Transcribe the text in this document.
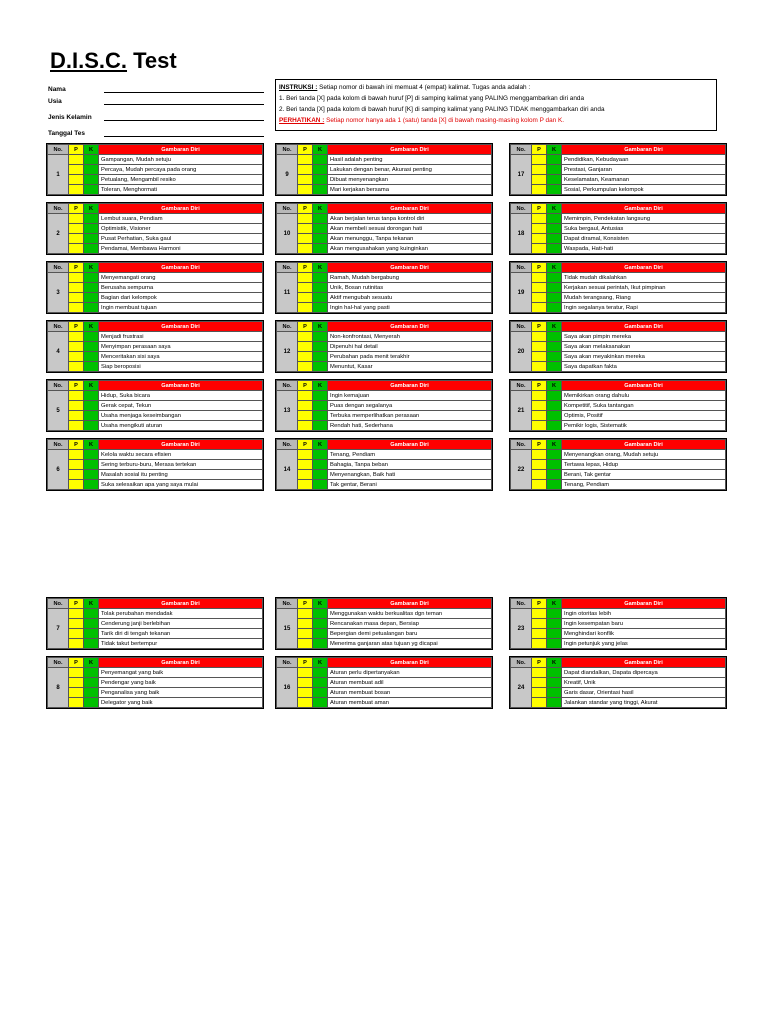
D.I.S.C. Test
Nama
Usia
Jenis Kelamin
Tanggal Tes
INSTRUKSI : Setiap nomor di bawah ini memuat 4 (empat) kalimat. Tugas anda adalah :
1. Beri tanda [X] pada kolom di bawah huruf [P] di samping kalimat yang PALING menggambarkan diri anda
2. Beri tanda [X] pada kolom di bawah huruf [K] di samping kalimat yang PALING TIDAK menggambarkan diri anda
PERHATIKAN : Setiap nomor hanya ada 1 (satu) tanda [X] di bawah masing-masing kolom P dan K.
No.	P	K	Gambaran Diri
1			Gampangan, Mudah setuju
			Percaya, Mudah percaya pada orang
			Petualang, Mengambil resiko
			Toleran, Menghormati
No.	P	K	Gambaran Diri
2			Lembut suara, Pendiam
			Optimistik, Visioner
			Pusat Perhatian, Suka gaul
			Pendamai, Membawa Harmoni
No.	P	K	Gambaran Diri
3			Menyemangati orang
			Berusaha sempurna
			Bagian dari kelompok
			Ingin membuat tujuan
No.	P	K	Gambaran Diri
4			Menjadi frustrasi
			Menyimpan perasaan saya
			Menceritakan sisi saya
			Siap beroposisi
No.	P	K	Gambaran Diri
5			Hidup, Suka bicara
			Gerak cepat, Tekun
			Usaha menjaga keseimbangan
			Usaha mengikuti aturan
No.	P	K	Gambaran Diri
6			Kelola waktu secara efisien
			Sering terburu-buru, Merasa tertekan
			Masalah sosial itu penting
			Suka selesaikan apa yang saya mulai
No.	P	K	Gambaran Diri
9			Hasil adalah penting
			Lakukan dengan benar, Akurasi penting
			Dibuat menyenangkan
			Mari kerjakan bersama
No.	P	K	Gambaran Diri
10			Akan berjalan terus tanpa kontrol diri
			Akan membeli sesuai dorongan hati
			Akan menunggu, Tanpa tekanan
			Akan mengusahakan yang kuinginkan
No.	P	K	Gambaran Diri
11			Ramah, Mudah bergabung
			Unik, Bosan rutinitas
			Aktif mengubah sesuatu
			Ingin hal-hal yang pasti
No.	P	K	Gambaran Diri
12			Non-konfrontasi, Menyerah
			Dipenuhi hal detail
			Perubahan pada menit terakhir
			Menuntut, Kasar
No.	P	K	Gambaran Diri
13			Ingin kemajuan
			Puas dengan segalanya
			Terbuka memperlihatkan perasaan
			Rendah hati, Sederhana
No.	P	K	Gambaran Diri
14			Tenang, Pendiam
			Bahagia, Tanpa beban
			Menyenangkan, Baik hati
			Tak gentar, Berani
No.	P	K	Gambaran Diri
17			Pendidikan, Kebudayaan
			Prestasi, Ganjaran
			Keselamatan, Keamanan
			Sosial, Perkumpulan kelompok
No.	P	K	Gambaran Diri
18			Memimpin, Pendekatan langsung
			Suka bergaul, Antusias
			Dapat diramal, Konsisten
			Waspada, Hati-hati
No.	P	K	Gambaran Diri
19			Tidak mudah dikalahkan
			Kerjakan sesuai perintah, Ikut pimpinan
			Mudah terangsang, Riang
			Ingin segalanya teratur, Rapi
No.	P	K	Gambaran Diri
20			Saya akan pimpin mereka
			Saya akan melaksanakan
			Saya akan meyakinkan mereka
			Saya dapatkan fakta
No.	P	K	Gambaran Diri
21			Memikirkan orang dahulu
			Kompetitif, Suka tantangan
			Optimis, Positif
			Pemikir logis, Sistematik
No.	P	K	Gambaran Diri
22			Menyenangkan orang, Mudah setuju
			Tertawa lepas, Hidup
			Berani, Tak gentar
			Tenang, Pendiam
No.	P	K	Gambaran Diri
7			Tolak perubahan mendadak
			Cenderung janji berlebihan
			Tarik diri di tengah tekanan
			Tidak takut bertempur
No.	P	K	Gambaran Diri
8			Penyemangat yang baik
			Pendengar yang baik
			Penganalisa yang baik
			Delegator yang baik
No.	P	K	Gambaran Diri
15			Menggunakan waktu berkualitas dgn teman
			Rencanakan masa depan, Bersiap
			Bepergian demi petualangan baru
			Menerima ganjaran atas tujuan yg dicapai
No.	P	K	Gambaran Diri
16			Aturan perlu dipertanyakan
			Aturan membuat adil
			Aturan membuat bosan
			Aturan membuat aman
No.	P	K	Gambaran Diri
23			Ingin otoritas lebih
			Ingin kesempatan baru
			Menghindari konflik
			Ingin petunjuk yang jelas
No.	P	K	Gambaran Diri
24			Dapat diandalkan, Dapata dipercaya
			Kreatif, Unik
			Garis dasar, Orientasi hasil
			Jalankan standar yang tinggi, Akurat
